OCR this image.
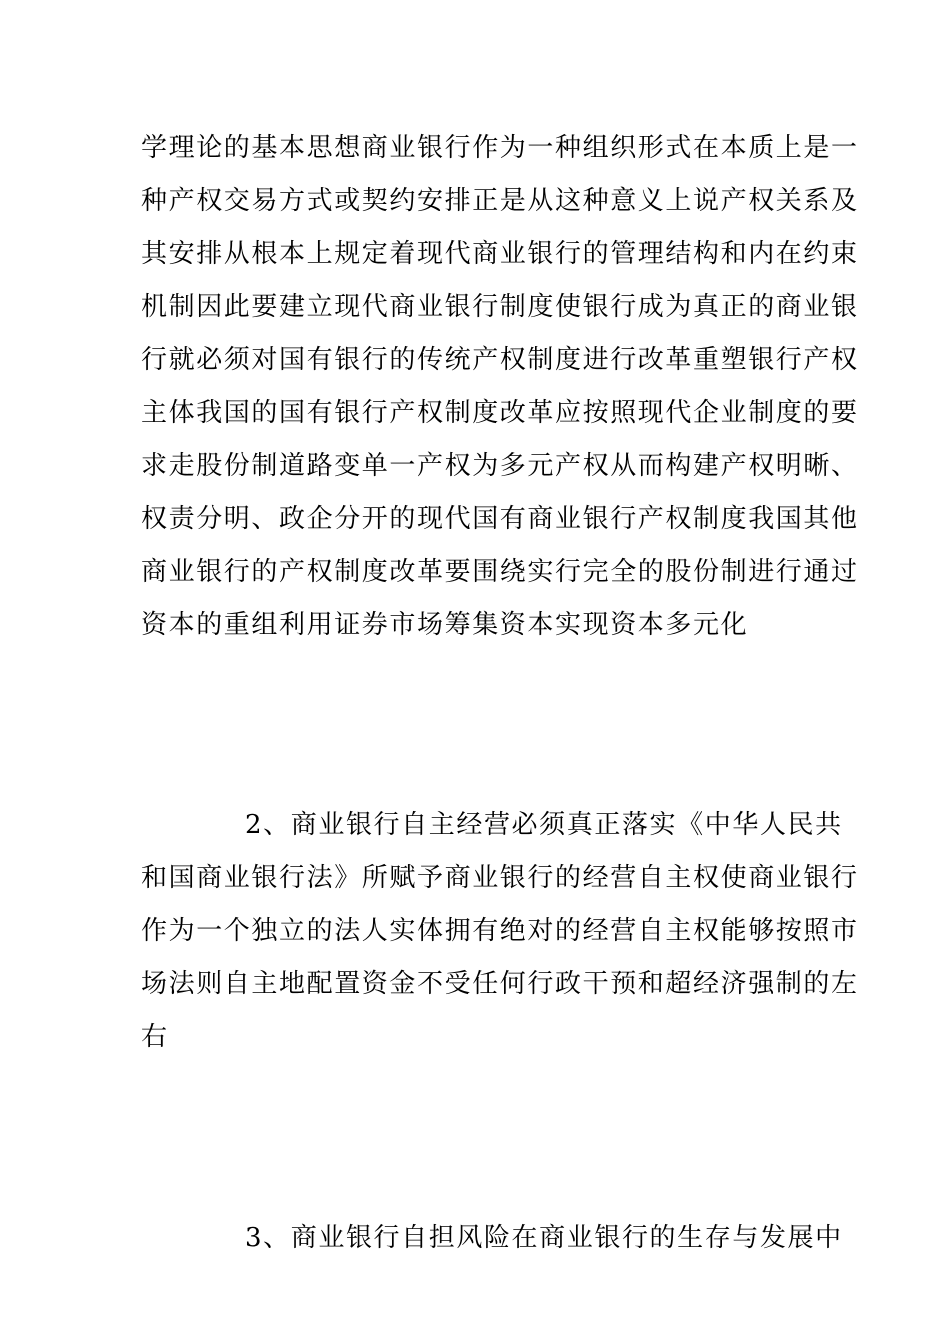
学理论的基本思想商业银行作为一种组织形式在本质上是一
种产权交易方式或契约安排正是从这种意义上说产权关系及
其安排从根本上规定着现代商业银行的管理结构和内在约束
机制因此要建立现代商业银行制度使银行成为真正的商业银
行就必须对国有银行的传统产权制度进行改革重塑银行产权
主体我国的国有银行产权制度改革应按照现代企业制度的要
求走股份制道路变单一产权为多元产权从而构建产权明晰、
权责分明、政企分开的现代国有商业银行产权制度我国其他
商业银行的产权制度改革要围绕实行完全的股份制进行通过
资本的重组利用证券市场筹集资本实现资本多元化
2、商业银行自主经营必须真正落实《中华人民共
和国商业银行法》所赋予商业银行的经营自主权使商业银行
作为一个独立的法人实体拥有绝对的经营自主权能够按照市
场法则自主地配置资金不受任何行政干预和超经济强制的左
右
3、商业银行自担风险在商业银行的生存与发展中
